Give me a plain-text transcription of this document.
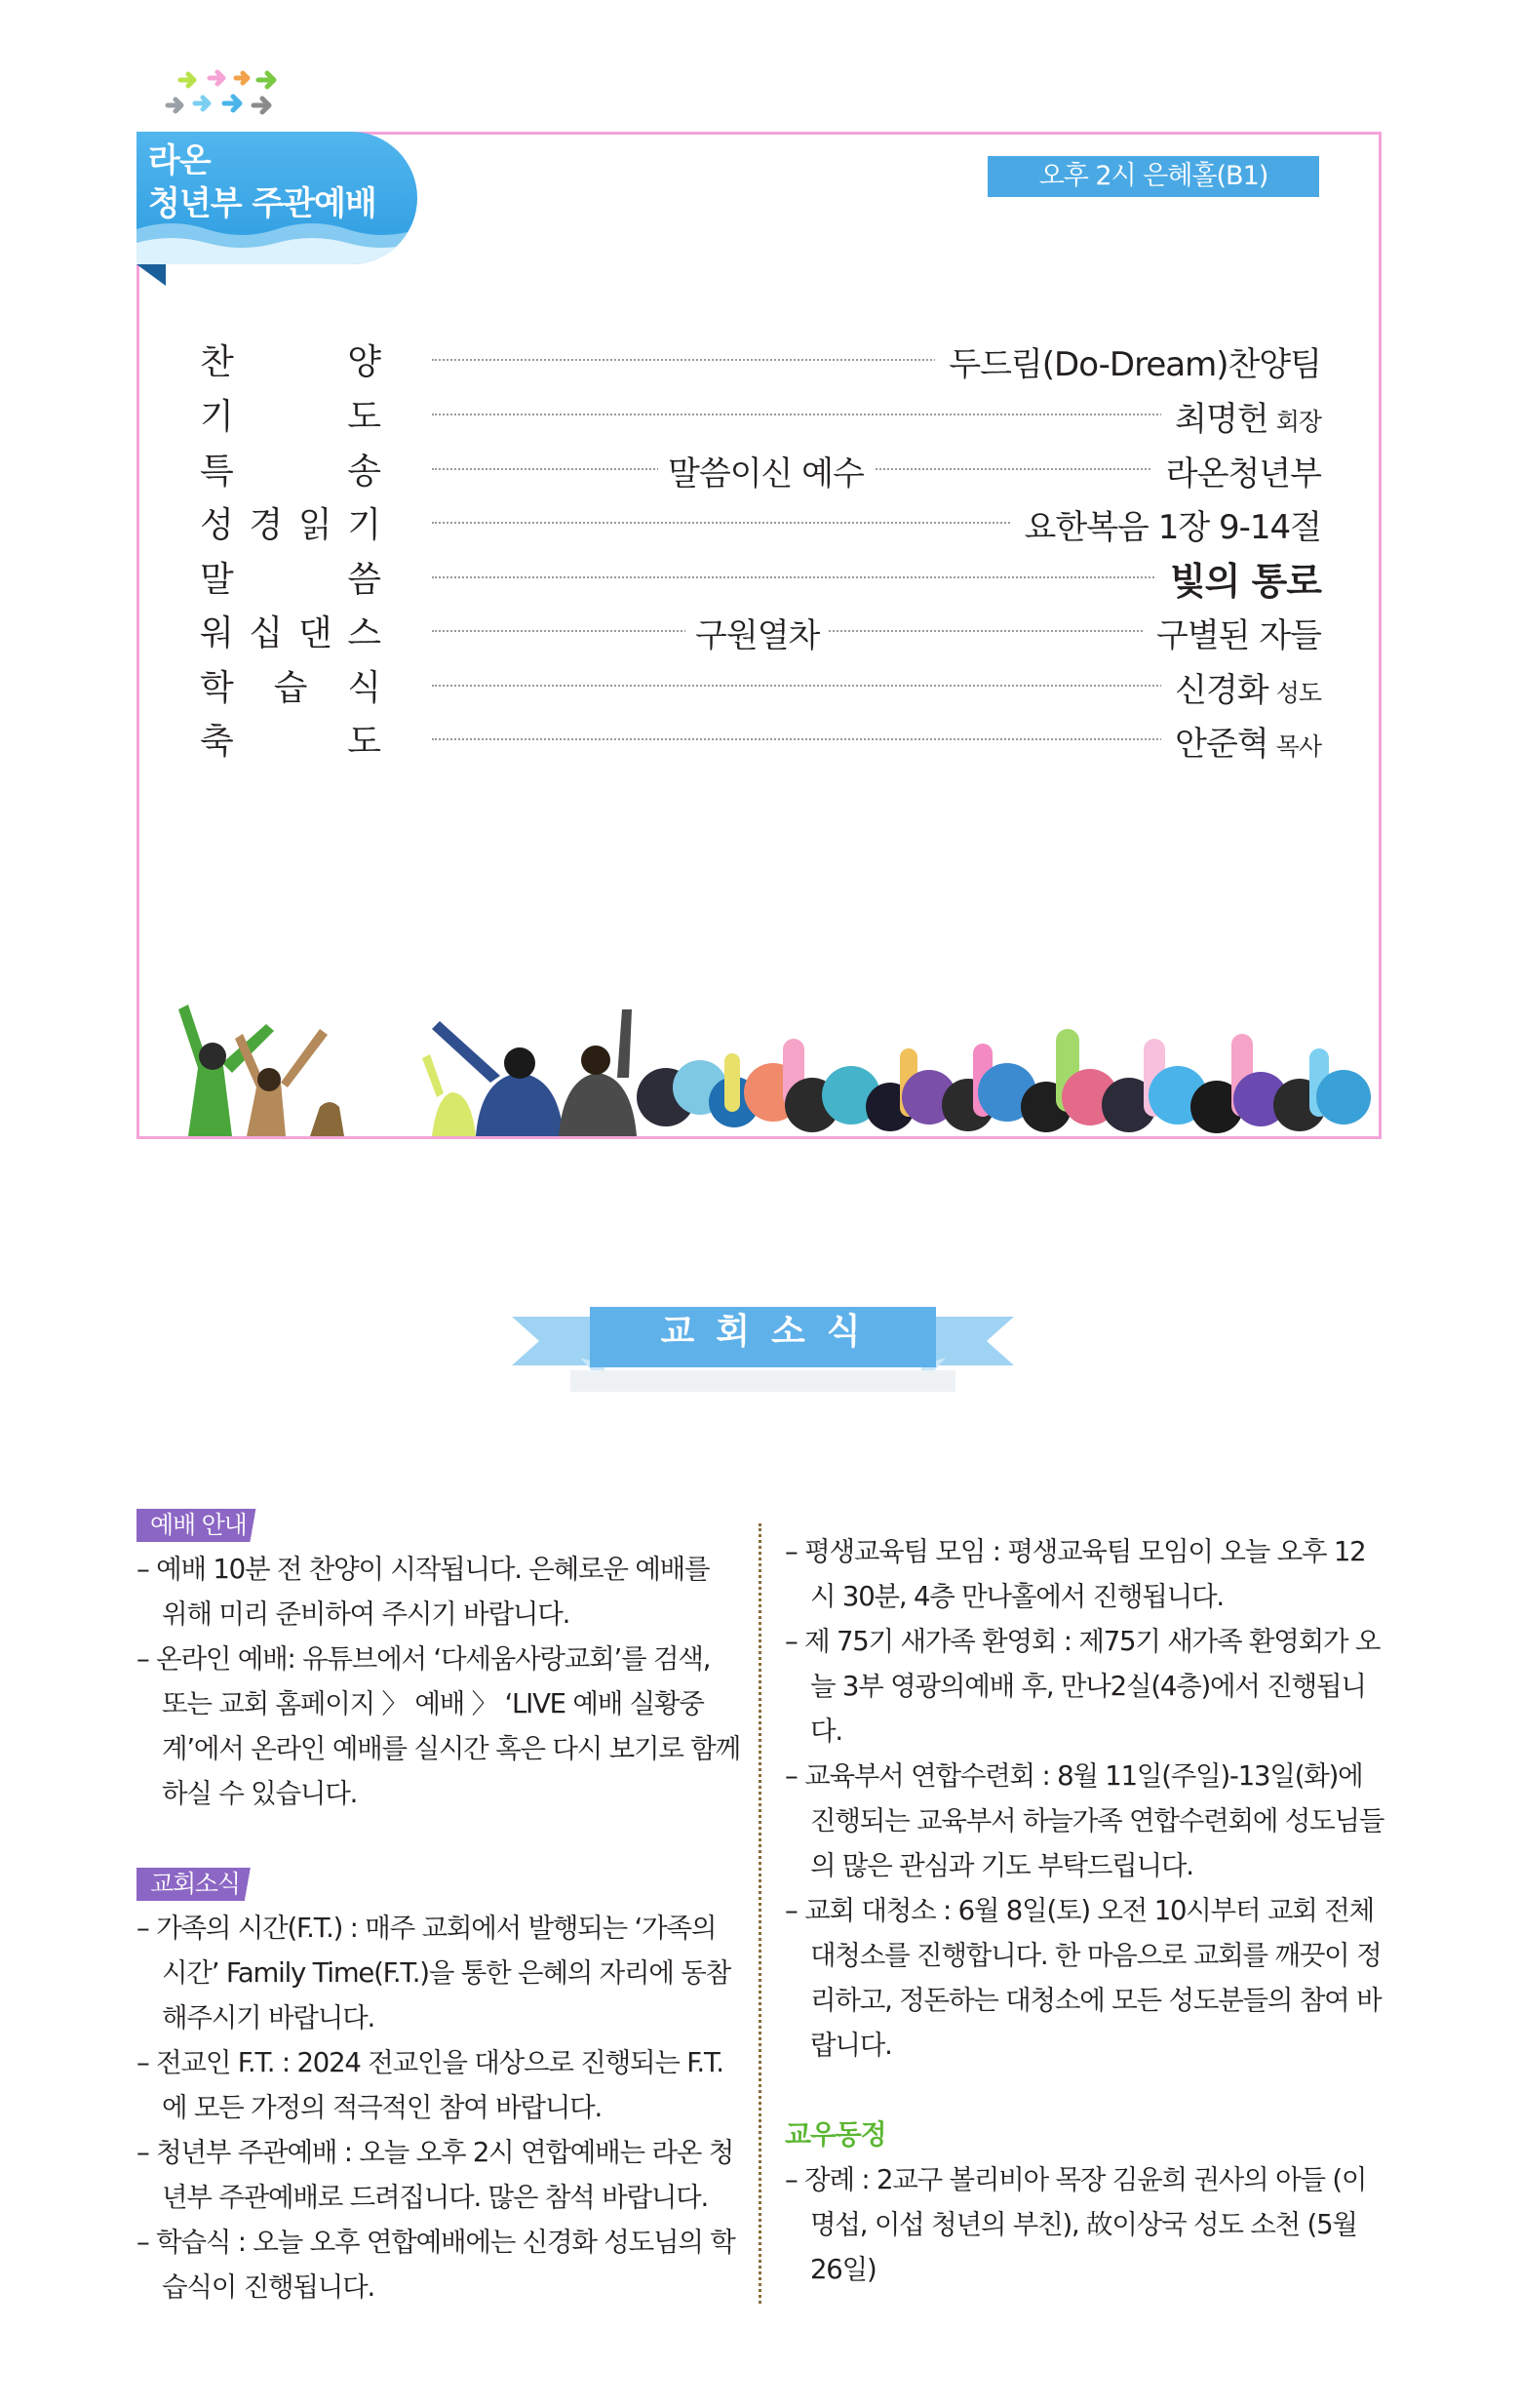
라온
청년부 주관예배
오후 2시 은혜홀(B1)
찬	양	두드림(Do-Dream)찬양팀
기	도	최명헌 회장
특	송	말씀이신 예수	라온청년부
성 경 읽 기	요한복음 1장 9-14절
말	씀	빛의 통로
워 십 댄 스	구원열차	구별된 자들
학 습 식	신경화 성도
축	도	안준혁 목사
교회소식
예배 안내
– 예배 10분 전 찬양이 시작됩니다. 은혜로운 예배를 위해 미리 준비하여 주시기 바랍니다.
– 온라인 예배: 유튜브에서 ‘다세움사랑교회’를 검색, 또는 교회 홈페이지 〉 예배 〉 ‘LIVE 예배 실황중계’에서 온라인 예배를 실시간 혹은 다시 보기로 함께 하실 수 있습니다.
교회소식
– 가족의 시간(F.T.) : 매주 교회에서 발행되는 ‘가족의 시간’ Family Time(F.T.)을 통한 은혜의 자리에 동참해주시기 바랍니다.
– 전교인 F.T. : 2024 전교인을 대상으로 진행되는 F.T.에 모든 가정의 적극적인 참여 바랍니다.
– 청년부 주관예배 : 오늘 오후 2시 연합예배는 라온 청년부 주관예배로 드려집니다. 많은 참석 바랍니다.
– 학습식 : 오늘 오후 연합예배에는 신경화 성도님의 학습식이 진행됩니다.
– 평생교육팀 모임 : 평생교육팀 모임이 오늘 오후 12시 30분, 4층 만나홀에서 진행됩니다.
– 제 75기 새가족 환영회 : 제75기 새가족 환영회가 오늘 3부 영광의예배 후, 만나2실(4층)에서 진행됩니다.
– 교육부서 연합수련회 : 8월 11일(주일)-13일(화)에 진행되는 교육부서 하늘가족 연합수련회에 성도님들의 많은 관심과 기도 부탁드립니다.
– 교회 대청소 : 6월 8일(토) 오전 10시부터 교회 전체 대청소를 진행합니다. 한 마음으로 교회를 깨끗이 정리하고, 정돈하는 대청소에 모든 성도분들의 참여 바랍니다.
교우동정
– 장례 : 2교구 볼리비아 목장 김윤희 권사의 아들 (이명섭, 이섭 청년의 부친), 故이상국 성도 소천 (5월 26일)
